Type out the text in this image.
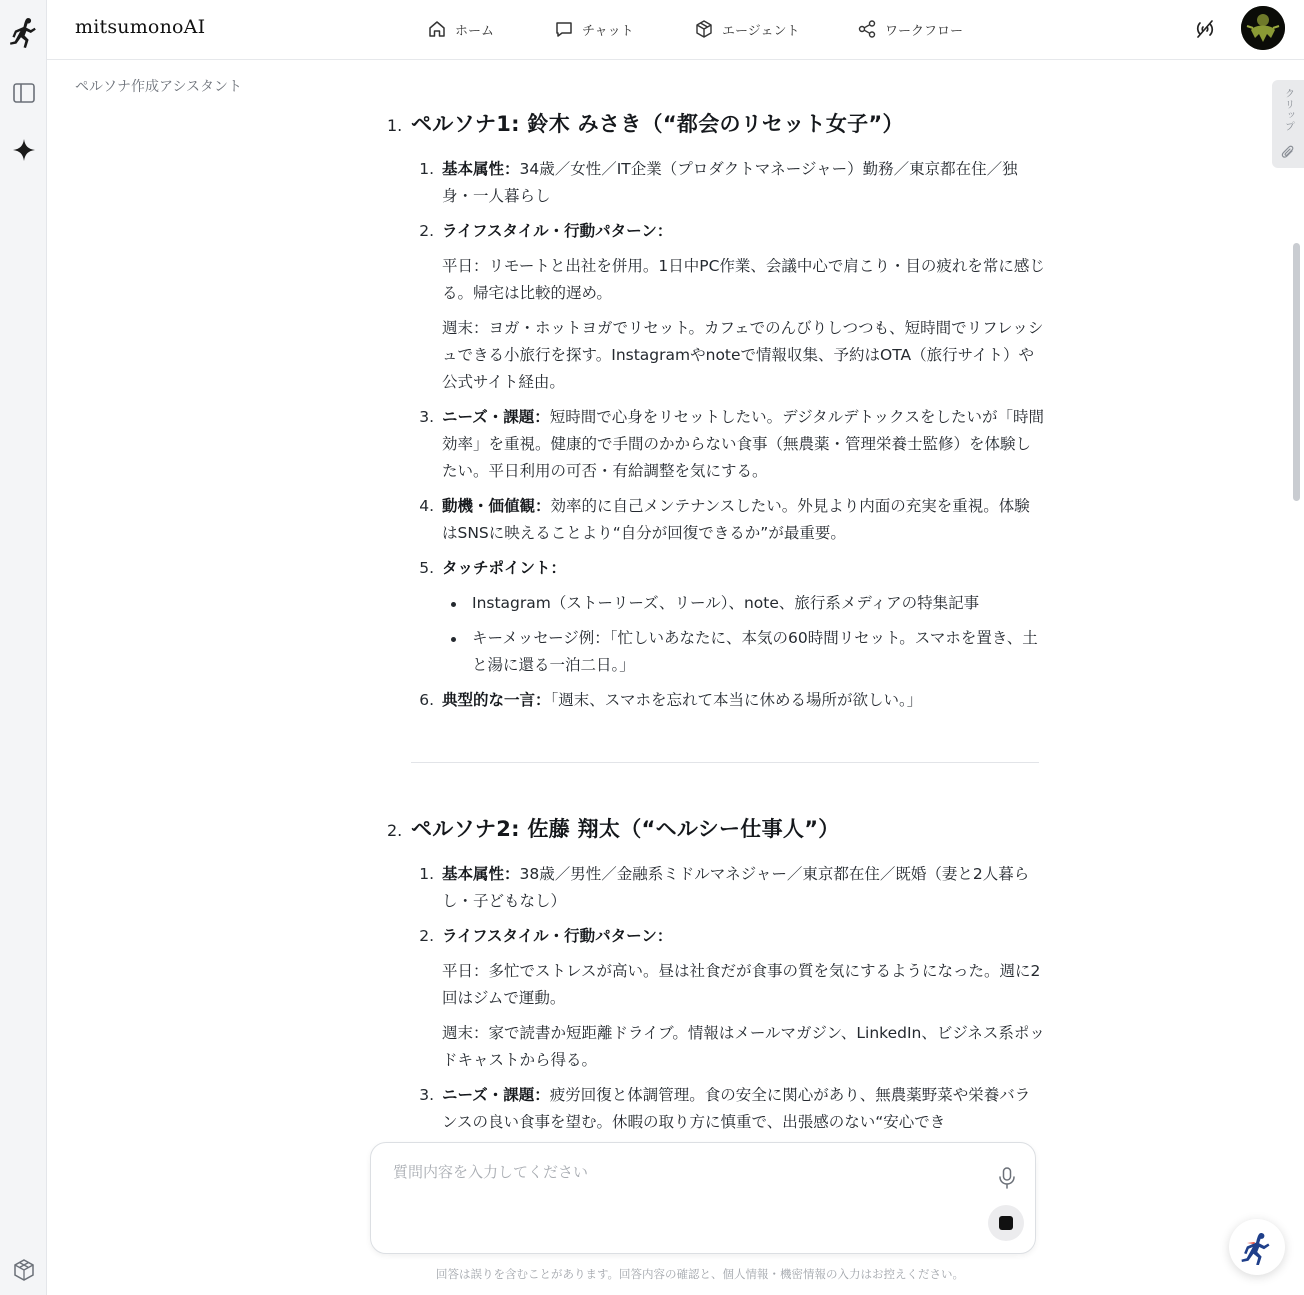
mitsumonoAI	ホーム	チャット	エージェント	ワークフロー
ペルソナ作成アシスタント
クリップ
1. ペルソナ1: 鈴木 みさき（“都会のリセット女子”）
1. 基本属性：34歳／女性／IT企業（プロダクトマネージャー）勤務／東京都在住／独身・一人暮らし
2. ライフスタイル・行動パターン：
平日：リモートと出社を併用。1日中PC作業、会議中心で肩こり・目の疲れを常に感じる。帰宅は比較的遅め。
週末：ヨガ・ホットヨガでリセット。カフェでのんびりしつつも、短時間でリフレッシュできる小旅行を探す。Instagramやnoteで情報収集、予約はOTA（旅行サイト）や公式サイト経由。
3. ニーズ・課題：短時間で心身をリセットしたい。デジタルデトックスをしたいが「時間効率」を重視。健康的で手間のかからない食事（無農薬・管理栄養士監修）を体験したい。平日利用の可否・有給調整を気にする。
4. 動機・価値観：効率的に自己メンテナンスしたい。外見より内面の充実を重視。体験はSNSに映えることより“自分が回復できるか”が最重要。
5. タッチポイント：
Instagram（ストーリーズ、リール）、note、旅行系メディアの特集記事
キーメッセージ例：「忙しいあなたに、本気の60時間リセット。スマホを置き、土と湯に還る一泊二日。」
6. 典型的な一言：「週末、スマホを忘れて本当に休める場所が欲しい。」
2. ペルソナ2: 佐藤 翔太（“ヘルシー仕事人”）
1. 基本属性：38歳／男性／金融系ミドルマネジャー／東京都在住／既婚（妻と2人暮らし・子どもなし）
2. ライフスタイル・行動パターン：
平日：多忙でストレスが高い。昼は社食だが食事の質を気にするようになった。週に2回はジムで運動。
週末：家で読書か短距離ドライブ。情報はメールマガジン、LinkedIn、ビジネス系ポッドキャストから得る。
3. ニーズ・課題：疲労回復と体調管理。食の安全に関心があり、無農薬野菜や栄養バランスの良い食事を望む。休暇の取り方に慎重で、出張感のない“安心でき
質問内容を入力してください
回答は誤りを含むことがあります。回答内容の確認と、個人情報・機密情報の入力はお控えください。
